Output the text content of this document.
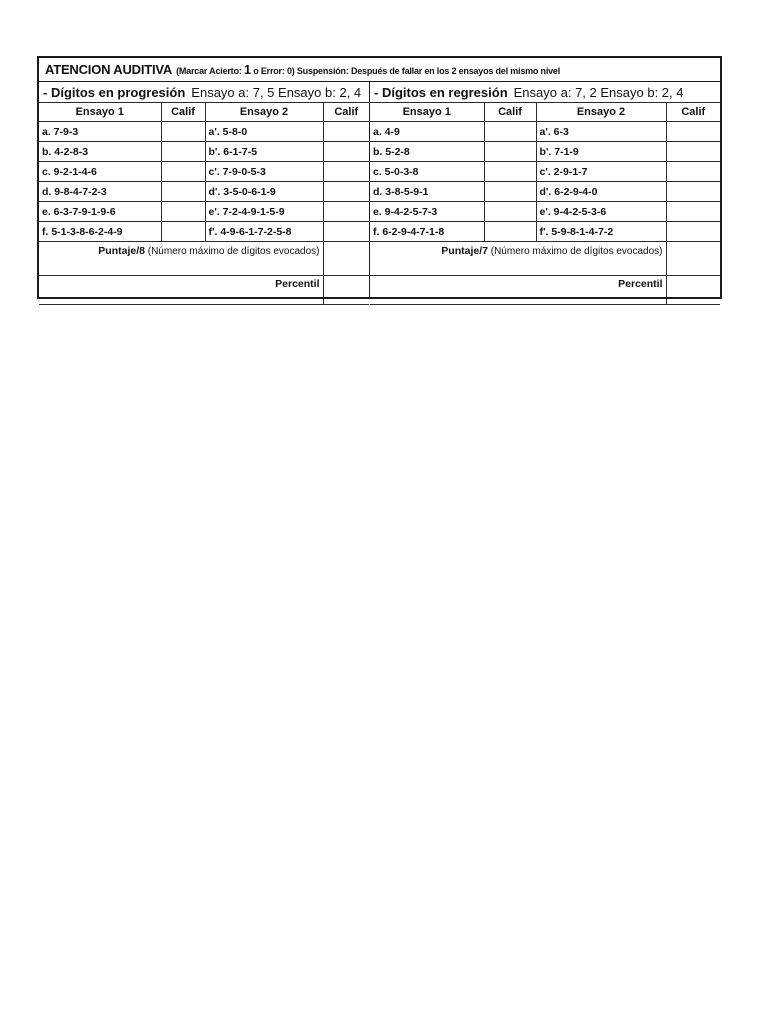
ATENCION AUDITIVA (Marcar Acierto: 1 o Error: 0) Suspensión: Después de fallar en los 2 ensayos del mismo nivel
- Dígitos en progresión Ensayo a: 7, 5 Ensayo b: 2, 4			
Ensayo 1	Calif	Ensayo 2	Calif
a. 7-9-3		a'. 5-8-0	
b. 4-2-8-3		b'. 6-1-7-5	
c. 9-2-1-4-6		c'. 7-9-0-5-3	
d. 9-8-4-7-2-3		d'. 3-5-0-6-1-9	
e. 6-3-7-9-1-9-6		e'. 7-2-4-9-1-5-9	
f. 5-1-3-8-6-2-4-9		f'. 4-9-6-1-7-2-5-8	
Puntaje/8 (Número máximo de dígitos evocados)			
Percentil			
- Dígitos en regresión Ensayo a: 7, 2 Ensayo b: 2, 4			
Ensayo 1	Calif	Ensayo 2	Calif
a. 4-9		a'. 6-3	
b. 5-2-8		b'. 7-1-9	
c. 5-0-3-8		c'. 2-9-1-7	
d. 3-8-5-9-1		d'. 6-2-9-4-0	
e. 9-4-2-5-7-3		e'. 9-4-2-5-3-6	
f. 6-2-9-4-7-1-8		f'. 5-9-8-1-4-7-2	
Puntaje/7 (Número máximo de dígitos evocados)			
Percentil			
